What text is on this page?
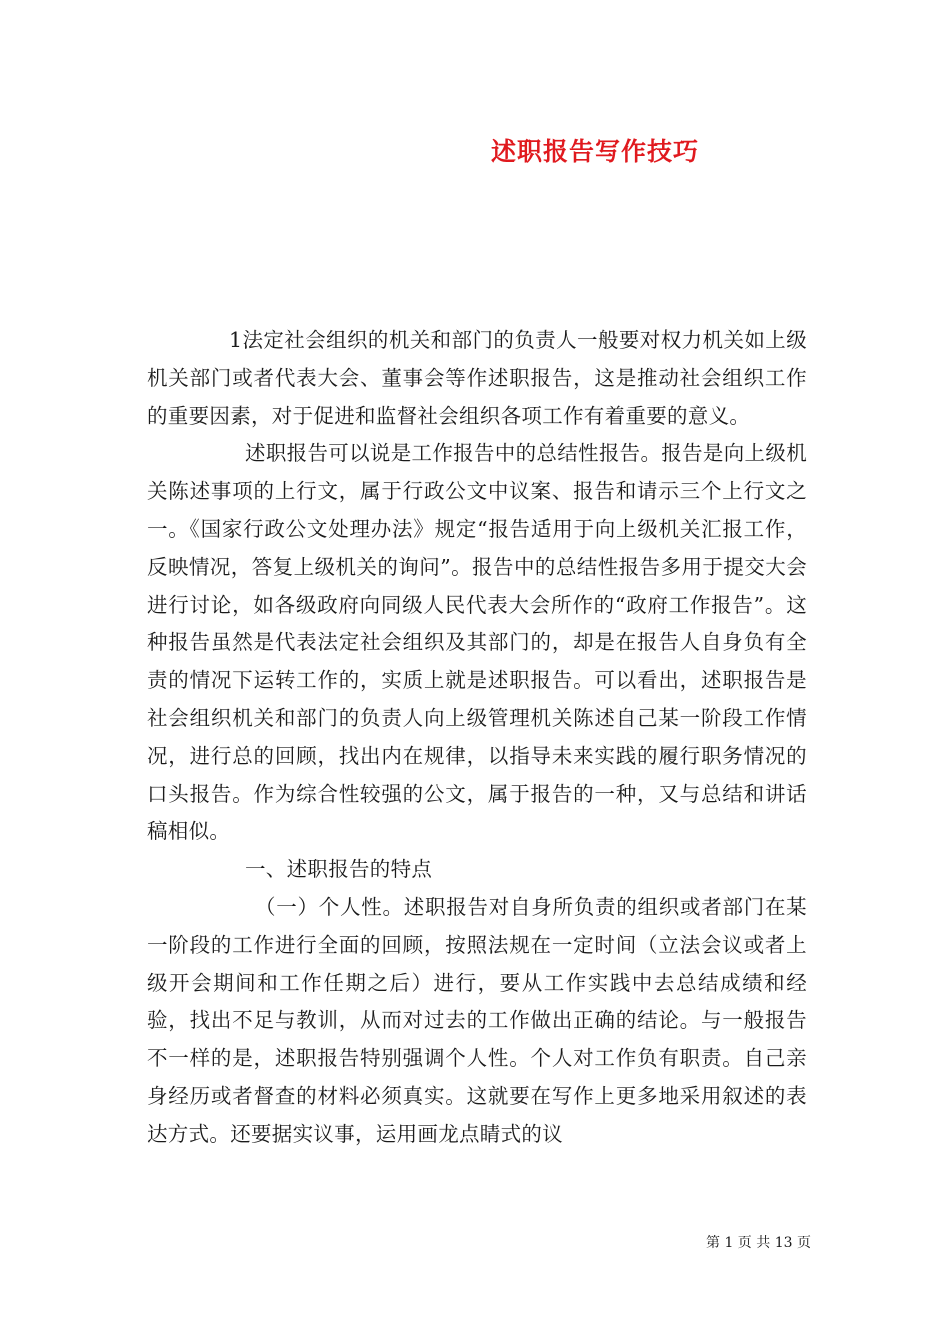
述职报告写作技巧

1法定社会组织的机关和部门的负责人一般要对权力机关如上级机关部门或者代表大会、董事会等作述职报告，这是推动社会组织工作的重要因素，对于促进和监督社会组织各项工作有着重要的意义。

述职报告可以说是工作报告中的总结性报告。报告是向上级机关陈述事项的上行文，属于行政公文中议案、报告和请示三个上行文之一。《国家行政公文处理办法》规定“报告适用于向上级机关汇报工作，反映情况，答复上级机关的询问”。报告中的总结性报告多用于提交大会进行讨论，如各级政府向同级人民代表大会所作的“政府工作报告”。这种报告虽然是代表法定社会组织及其部门的，却是在报告人自身负有全责的情况下运转工作的，实质上就是述职报告。可以看出，述职报告是社会组织机关和部门的负责人向上级管理机关陈述自己某一阶段工作情况，进行总的回顾，找出内在规律，以指导未来实践的履行职务情况的口头报告。作为综合性较强的公文，属于报告的一种，又与总结和讲话稿相似。

一、述职报告的特点

（一）个人性。述职报告对自身所负责的组织或者部门在某一阶段的工作进行全面的回顾，按照法规在一定时间（立法会议或者上级开会期间和工作任期之后）进行，要从工作实践中去总结成绩和经验，找出不足与教训，从而对过去的工作做出正确的结论。与一般报告不一样的是，述职报告特别强调个人性。个人对工作负有职责。自己亲身经历或者督查的材料必须真实。这就要在写作上更多地采用叙述的表达方式。还要据实议事，运用画龙点睛式的议

第 1 页 共 13 页
